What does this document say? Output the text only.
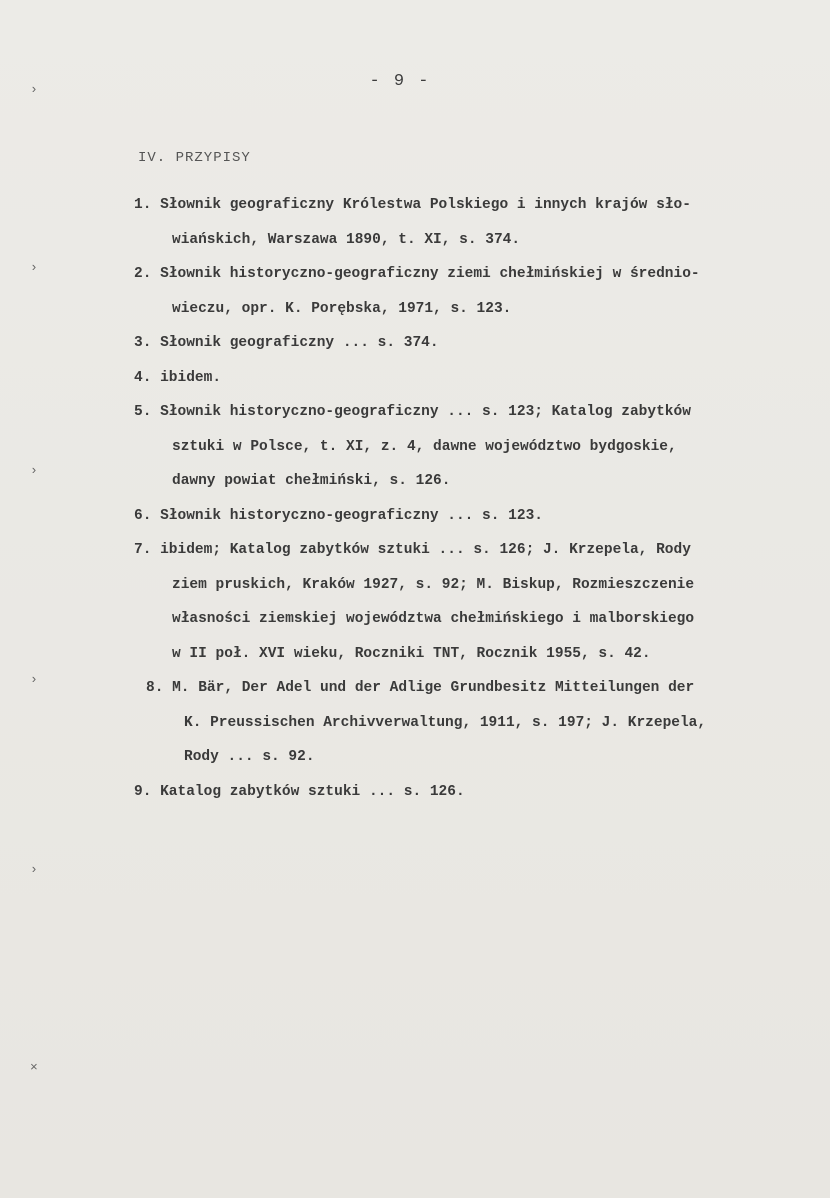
- 9 -
IV. PRZYPISY

1. Słownik geograficzny Królestwa Polskiego i innych krajów sło-
wiańskich, Warszawa 1890, t. XI, s. 374.

2. Słownik historyczno-geograficzny ziemi chełmińskiej w średnio-
wieczu, opr. K. Porębska, 1971, s. 123.

3. Słownik geograficzny ... s. 374.

4. ibidem.

5. Słownik historyczno-geograficzny ... s. 123; Katalog zabytków
sztuki w Polsce, t. XI, z. 4, dawne województwo bydgoskie,
dawny powiat chełmiński, s. 126.

6. Słownik historyczno-geograficzny ... s. 123.

7. ibidem; Katalog zabytków sztuki ... s. 126; J. Krzepela, Rody
ziem pruskich, Kraków 1927, s. 92; M. Biskup, Rozmieszczenie
własności ziemskiej województwa chełmińskiego i malborskiego
w II poł. XVI wieku, Roczniki TNT, Rocznik 1955, s. 42.

8. M. Bär, Der Adel und der Adlige Grundbesitz Mitteilungen der
K. Preussischen Archivverwaltung, 1911, s. 197; J. Krzepela,
Rody ... s. 92.

9. Katalog zabytków sztuki ... s. 126.

›
›
›
›
›
×
